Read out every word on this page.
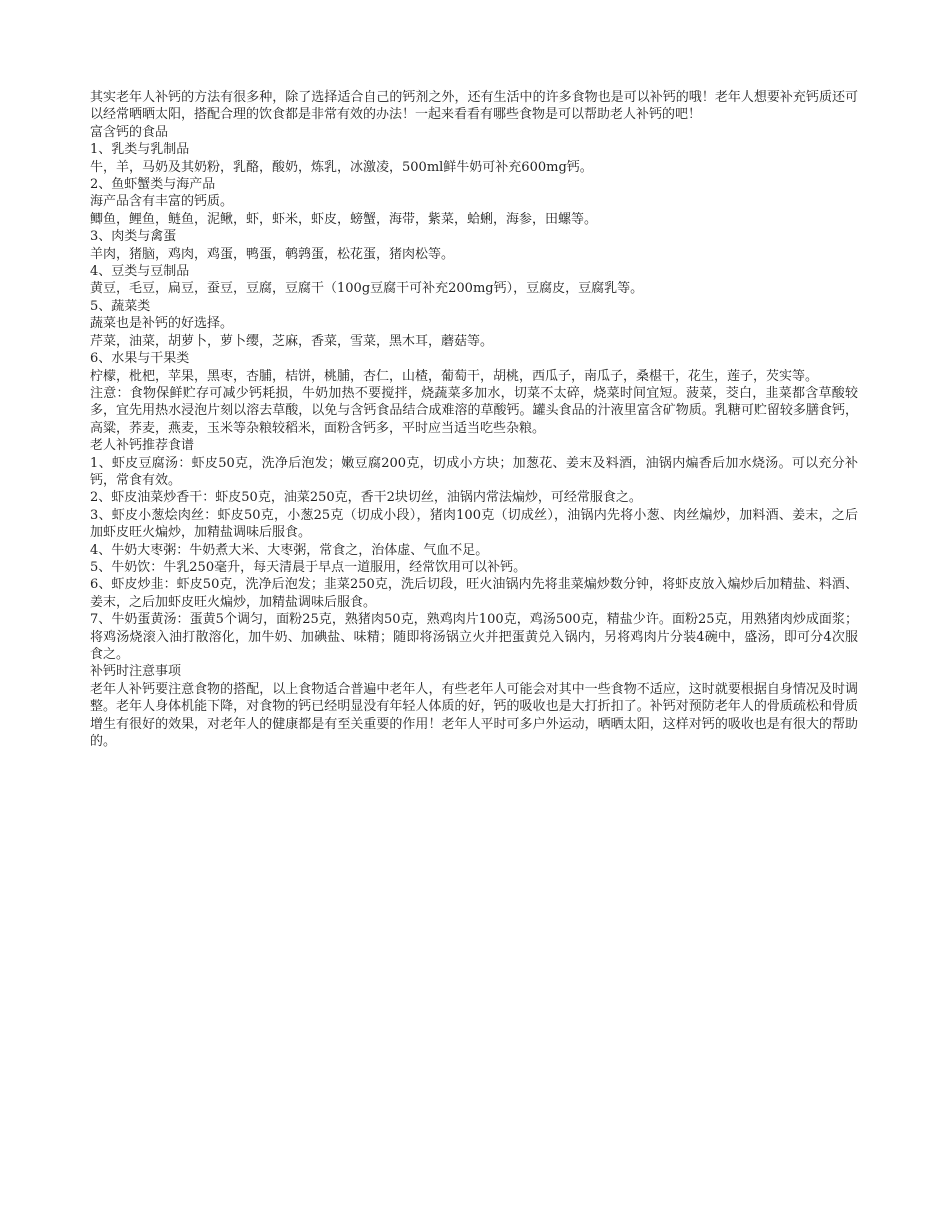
其实老年人补钙的方法有很多种，除了选择适合自己的钙剂之外，还有生活中的许多食物也是可以补钙的哦！老年人想要补充钙质还可以经常晒晒太阳，搭配合理的饮食都是非常有效的办法！一起来看看有哪些食物是可以帮助老人补钙的吧！

富含钙的食品

1、乳类与乳制品

牛，羊，马奶及其奶粉，乳酪，酸奶，炼乳，冰激凌，500ml鲜牛奶可补充600mg钙。

2、鱼虾蟹类与海产品

海产品含有丰富的钙质。

鲫鱼，鲤鱼，鲢鱼，泥鳅，虾，虾米，虾皮，螃蟹，海带，紫菜，蛤蜊，海参，田螺等。

3、肉类与禽蛋

羊肉，猪脑，鸡肉，鸡蛋，鸭蛋，鹌鹑蛋，松花蛋，猪肉松等。

4、豆类与豆制品

黄豆，毛豆，扁豆，蚕豆，豆腐，豆腐干（100g豆腐干可补充200mg钙），豆腐皮，豆腐乳等。

5、蔬菜类

蔬菜也是补钙的好选择。

芹菜，油菜，胡萝卜，萝卜缨，芝麻，香菜，雪菜，黑木耳，蘑菇等。

6、水果与干果类

柠檬，枇杷，苹果，黑枣，杏脯，桔饼，桃脯，杏仁，山楂，葡萄干，胡桃，西瓜子，南瓜子，桑椹干，花生，莲子，芡实等。

注意：食物保鲜贮存可减少钙耗损，牛奶加热不要搅拌，烧蔬菜多加水，切菜不太碎，烧菜时间宜短。菠菜，茭白，韭菜都含草酸较多，宜先用热水浸泡片刻以溶去草酸，以免与含钙食品结合成难溶的草酸钙。罐头食品的汁液里富含矿物质。乳糖可贮留较多膳食钙，高粱，荞麦，燕麦，玉米等杂粮较稻米，面粉含钙多，平时应当适当吃些杂粮。

老人补钙推荐食谱

1、虾皮豆腐汤：虾皮50克，洗净后泡发；嫩豆腐200克，切成小方块；加葱花、姜末及料酒，油锅内煸香后加水烧汤。可以充分补钙，常食有效。

2、虾皮油菜炒香干：虾皮50克，油菜250克，香干2块切丝，油锅内常法煸炒，可经常服食之。

3、虾皮小葱烩肉丝：虾皮50克，小葱25克（切成小段），猪肉100克（切成丝），油锅内先将小葱、肉丝煸炒，加料酒、姜末，之后加虾皮旺火煸炒，加精盐调味后服食。

4、牛奶大枣粥：牛奶煮大米、大枣粥，常食之，治体虚、气血不足。

5、牛奶饮：牛乳250毫升，每天清晨于早点一道服用，经常饮用可以补钙。

6、虾皮炒韭：虾皮50克，洗净后泡发；韭菜250克，洗后切段，旺火油锅内先将韭菜煸炒数分钟，将虾皮放入煸炒后加精盐、料酒、姜末，之后加虾皮旺火煸炒，加精盐调味后服食。

7、牛奶蛋黄汤：蛋黄5个调匀，面粉25克，熟猪肉50克，熟鸡肉片100克，鸡汤500克，精盐少许。面粉25克，用熟猪肉炒成面浆；将鸡汤烧滚入油打散溶化，加牛奶、加碘盐、味精；随即将汤锅立火并把蛋黄兑入锅内，另将鸡肉片分装4碗中，盛汤，即可分4次服食之。

补钙时注意事项

老年人补钙要注意食物的搭配，以上食物适合普遍中老年人，有些老年人可能会对其中一些食物不适应，这时就要根据自身情况及时调整。老年人身体机能下降，对食物的钙已经明显没有年轻人体质的好，钙的吸收也是大打折扣了。补钙对预防老年人的骨质疏松和骨质增生有很好的效果，对老年人的健康都是有至关重要的作用！老年人平时可多户外运动，晒晒太阳，这样对钙的吸收也是有很大的帮助的。
